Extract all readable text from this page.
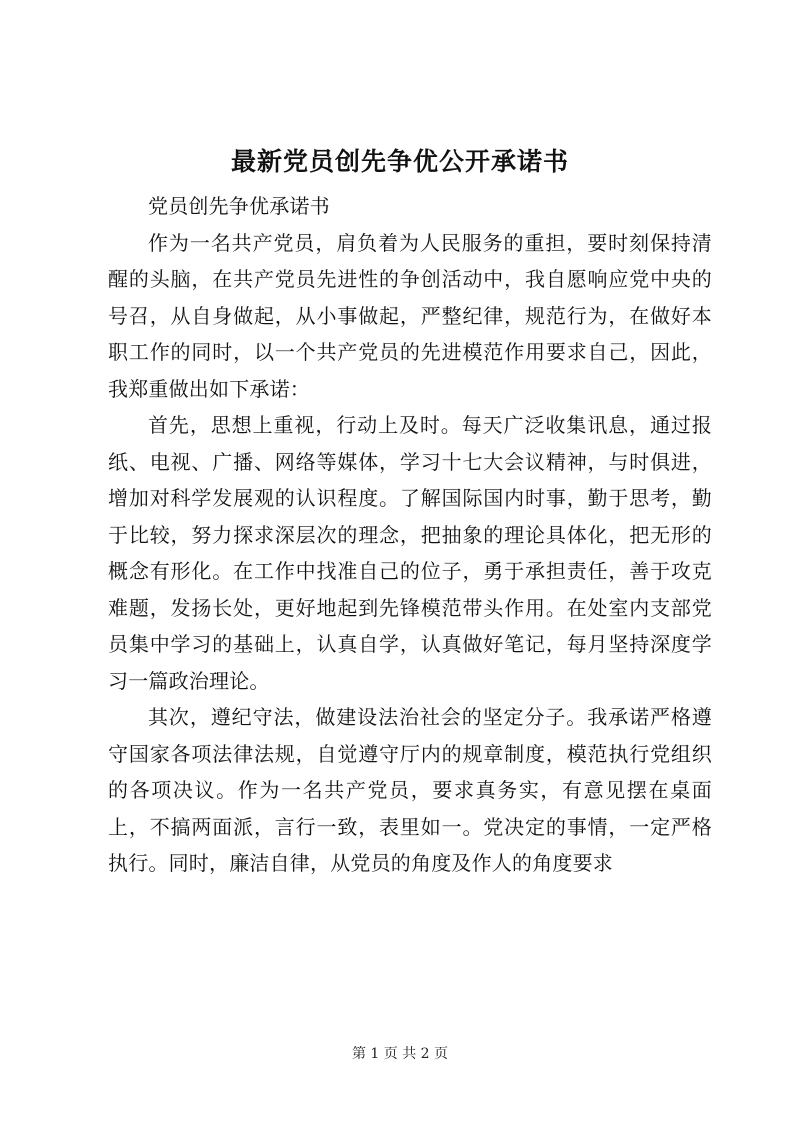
最新党员创先争优公开承诺书

党员创先争优承诺书

作为一名共产党员，肩负着为人民服务的重担，要时刻保持清醒的头脑，在共产党员先进性的争创活动中，我自愿响应党中央的号召，从自身做起，从小事做起，严整纪律，规范行为，在做好本职工作的同时，以一个共产党员的先进模范作用要求自己，因此，我郑重做出如下承诺：

首先，思想上重视，行动上及时。每天广泛收集讯息，通过报纸、电视、广播、网络等媒体，学习十七大会议精神，与时俱进，增加对科学发展观的认识程度。了解国际国内时事，勤于思考，勤于比较，努力探求深层次的理念，把抽象的理论具体化，把无形的概念有形化。在工作中找准自己的位子，勇于承担责任，善于攻克难题，发扬长处，更好地起到先锋模范带头作用。在处室内支部党员集中学习的基础上，认真自学，认真做好笔记，每月坚持深度学习一篇政治理论。

其次，遵纪守法，做建设法治社会的坚定分子。我承诺严格遵守国家各项法律法规，自觉遵守厅内的规章制度，模范执行党组织的各项决议。作为一名共产党员，要求真务实，有意见摆在桌面上，不搞两面派，言行一致，表里如一。党决定的事情，一定严格执行。同时，廉洁自律，从党员的角度及作人的角度要求

第 1 页 共 2 页
